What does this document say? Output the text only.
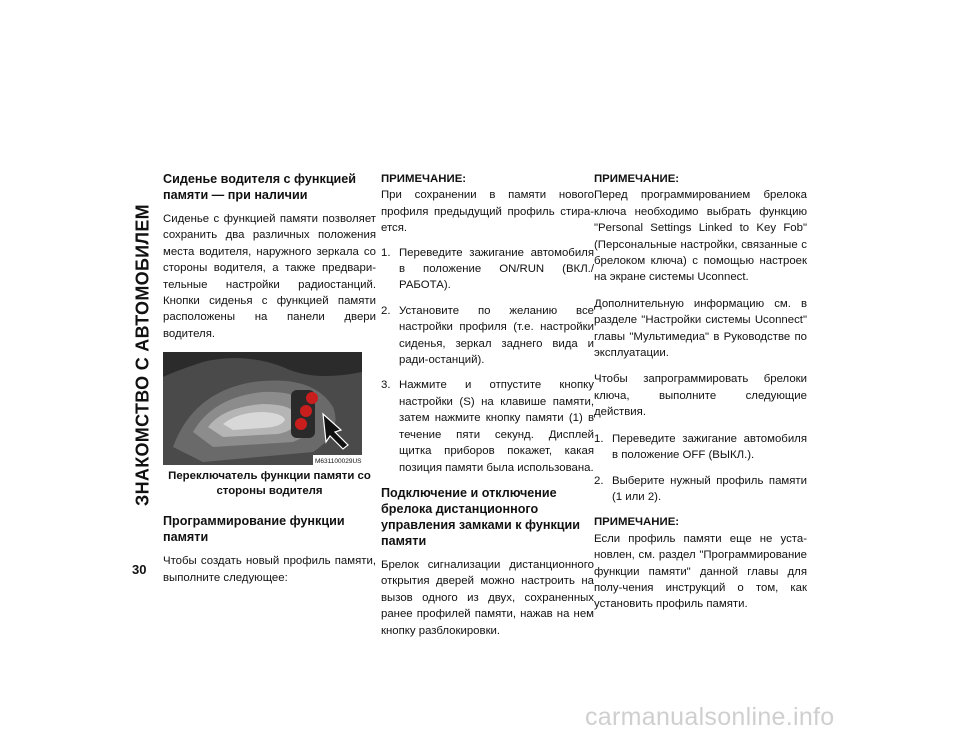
ЗНАКОМСТВО С АВТОМОБИЛЕМ
Сиденье водителя с функцией памяти — при наличии

Сиденье с функцией памяти позволяет сохранить два различных положения места водителя, наружного зеркала со стороны водителя, а также предвари-тельные настройки радиостанций. Кнопки сиденья с функцией памяти расположены на панели двери водителя.

M631100029US
Переключатель функции памяти со стороны водителя
Программирование функции памяти

Чтобы создать новый профиль памяти, выполните следующее:

ПРИМЕЧАНИЕ:
При сохранении в памяти нового профиля предыдущий профиль стира-ется.

1. Переведите зажигание автомобиля в положение ON/RUN (ВКЛ./РАБОТА).
2. Установите по желанию все настройки профиля (т.е. настройки сиденья, зеркал заднего вида и ради-останций).
3. Нажмите и отпустите кнопку настройки (S) на клавише памяти, затем нажмите кнопку памяти (1) в течение пяти секунд. Дисплей щитка приборов покажет, какая позиция памяти была использована.
Подключение и отключение брелока дистанционного управления замками к функции памяти

Брелок сигнализации дистанционного открытия дверей можно настроить на вызов одного из двух, сохраненных ранее профилей памяти, нажав на нем кнопку разблокировки.

ПРИМЕЧАНИЕ:
Перед программированием брелока ключа необходимо выбрать функцию "Personal Settings Linked to Key Fob" (Персональные настройки, связанные с брелоком ключа) с помощью настроек на экране системы Uconnect.

Дополнительную информацию см. в разделе "Настройки системы Uconnect" главы "Мультимедиа" в Руководстве по эксплуатации.

Чтобы запрограммировать брелоки ключа, выполните следующие действия.

1. Переведите зажигание автомобиля в положение OFF (ВЫКЛ.).
2. Выберите нужный профиль памяти (1 или 2).

ПРИМЕЧАНИЕ:
Если профиль памяти еще не уста-новлен, см. раздел "Программирование функции памяти" данной главы для полу-чения инструкций о том, как установить профиль памяти.

30
carmanualsonline.info
